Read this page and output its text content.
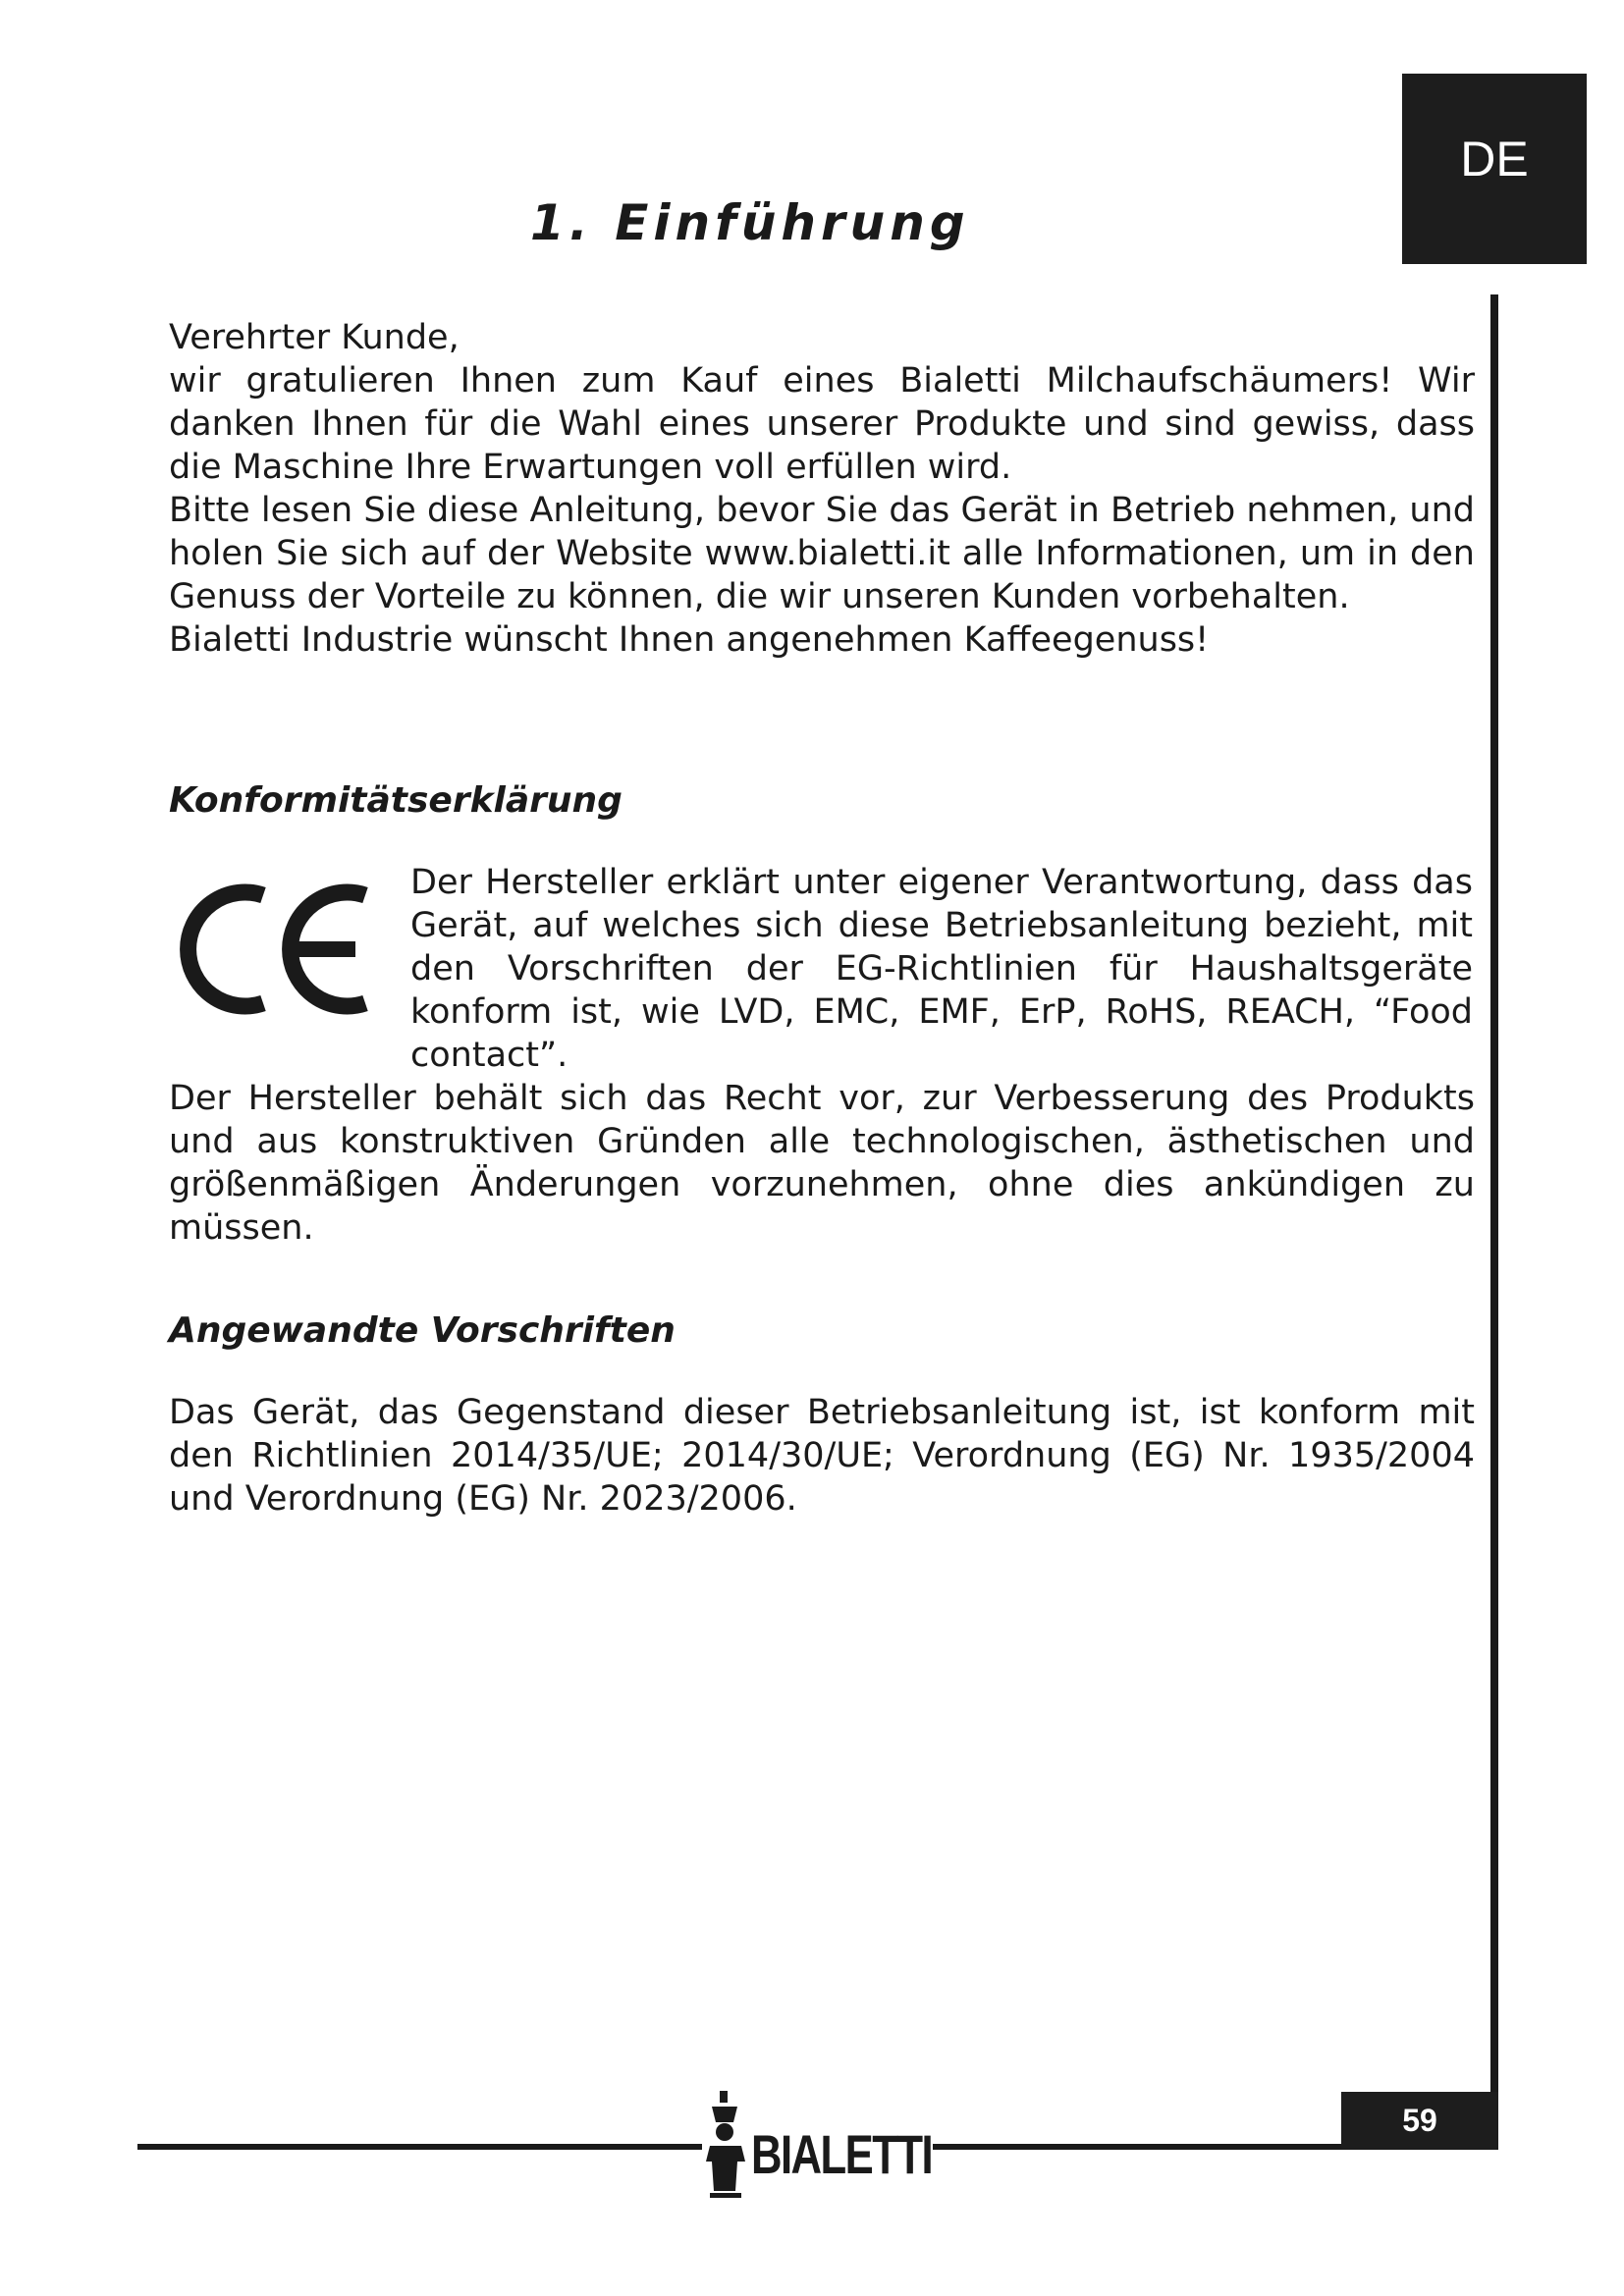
DE
1. Einführung
Verehrter Kunde,
wir gratulieren Ihnen zum Kauf eines Bialetti Milchaufschäumers! Wir danken Ihnen für die Wahl eines unserer Produkte und sind gewiss, dass die Maschine Ihre Erwartungen voll erfüllen wird.
Bitte lesen Sie diese Anleitung, bevor Sie das Gerät in Betrieb nehmen, und holen Sie sich auf der Website www.bialetti.it alle Informationen, um in den Genuss der Vorteile zu können, die wir unseren Kunden vorbehalten.
Bialetti Industrie wünscht Ihnen angenehmen Kaffeegenuss!
Konformitätserklärung

Der Hersteller erklärt unter eigener Verantwortung, dass das Gerät, auf welches sich diese Betriebsanleitung bezieht, mit den Vorschriften der EG-Richtlinien für Haushaltsgeräte konform ist, wie LVD, EMC, EMF, ErP, RoHS, REACH, “Food contact”.

Der Hersteller behält sich das Recht vor, zur Verbesserung des Produkts und aus konstruktiven Gründen alle technologischen, ästhetischen und größenmäßigen Änderungen vorzunehmen, ohne dies ankündigen zu müssen.

Angewandte Vorschriften

Das Gerät, das Gegenstand dieser Betriebsanleitung ist, ist konform mit den Richtlinien 2014/35/UE; 2014/30/UE; Verordnung (EG) Nr. 1935/2004 und Verordnung (EG) Nr. 2023/2006.

BIALETTI

59
